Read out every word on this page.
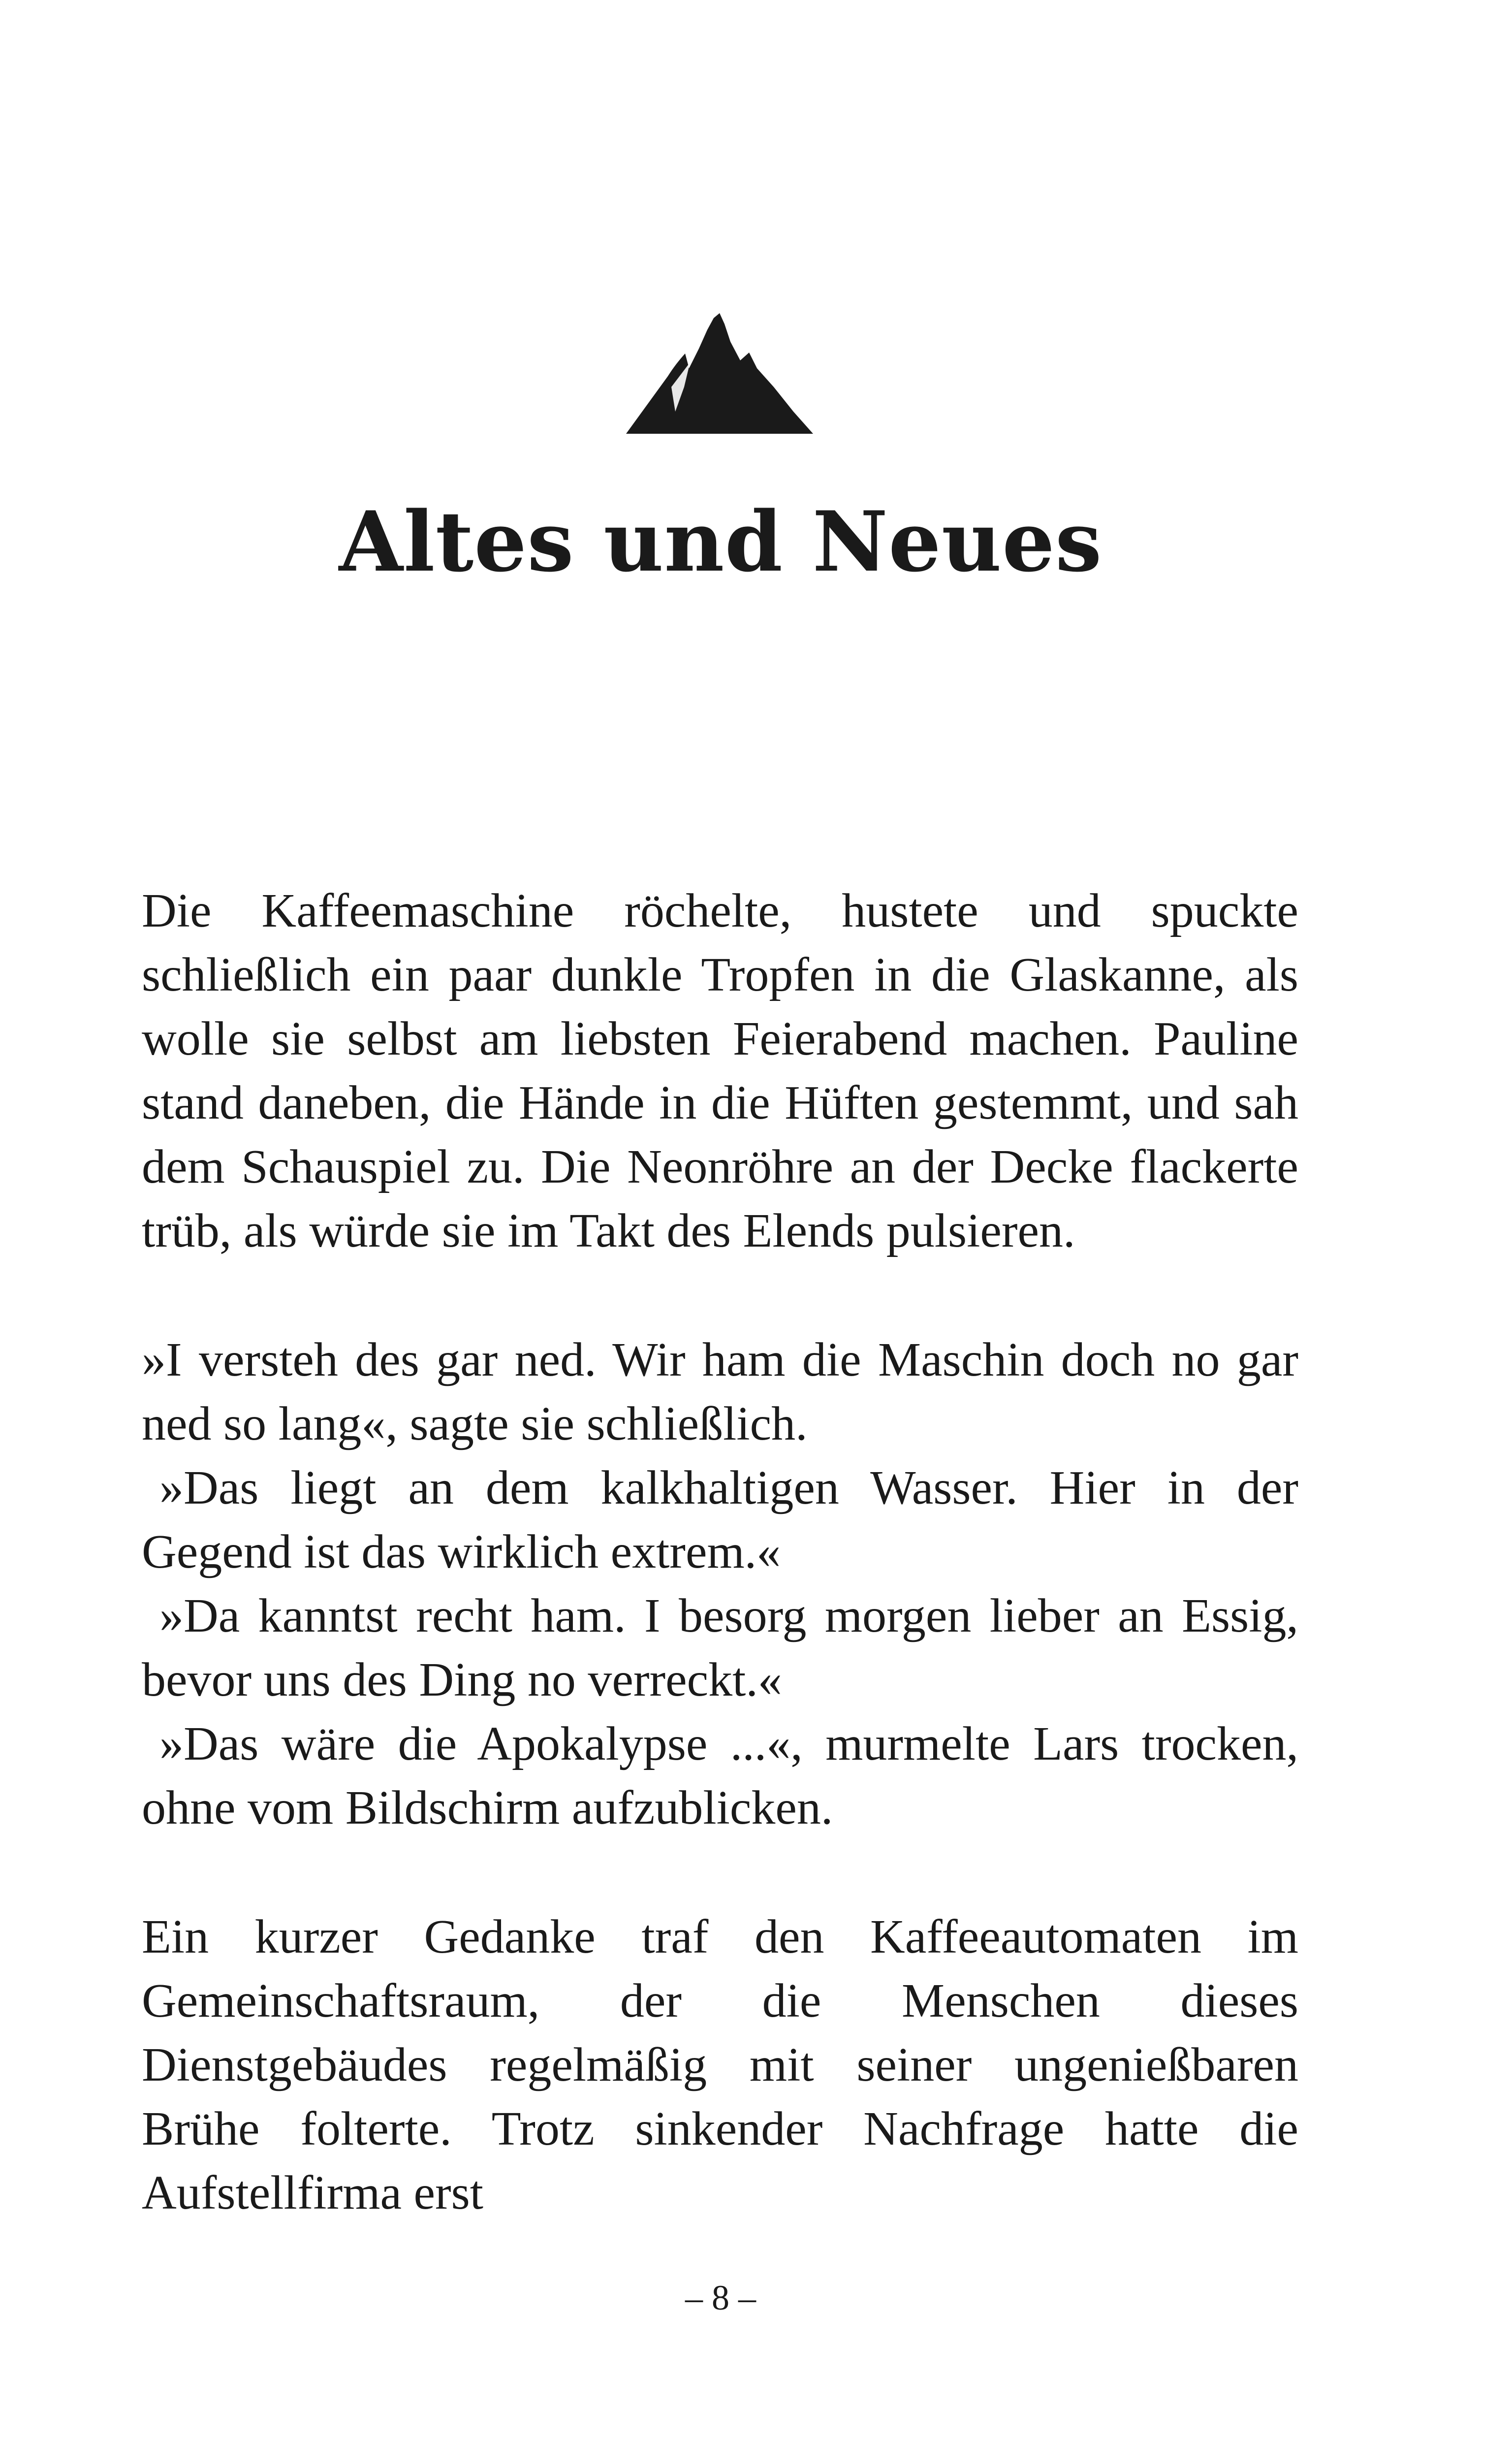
Altes und Neues

Die Kaffeemaschine röchelte, hustete und spuckte schließlich ein paar dunkle Tropfen in die Glaskanne, als wolle sie selbst am liebsten Feierabend machen. Pauline stand daneben, die Hände in die Hüften gestemmt, und sah dem Schauspiel zu. Die Neonröhre an der Decke flackerte trüb, als würde sie im Takt des Elends pulsieren.

»I versteh des gar ned. Wir ham die Maschin doch no gar ned so lang«, sagte sie schließlich.

»Das liegt an dem kalkhaltigen Wasser. Hier in der Gegend ist das wirklich extrem.«

»Da kanntst recht ham. I besorg morgen lieber an Essig, bevor uns des Ding no verreckt.«

»Das wäre die Apokalypse ...«, murmelte Lars trocken, ohne vom Bildschirm aufzublicken.

Ein kurzer Gedanke traf den Kaffeeautomaten im Gemeinschaftsraum, der die Menschen dieses Dienstgebäudes regelmäßig mit seiner ungenießbaren Brühe folterte. Trotz sinkender Nachfrage hatte die Aufstellfirma erst

– 8 –
